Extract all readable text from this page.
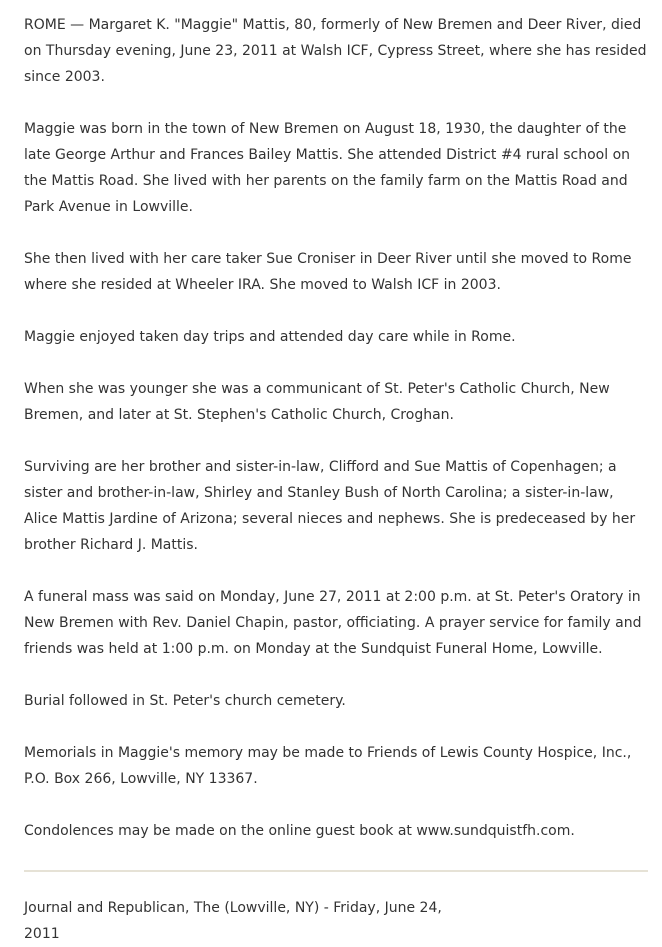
ROME — Margaret K. "Maggie" Mattis, 80, formerly of New Bremen and Deer River, died on Thursday evening, June 23, 2011 at Walsh ICF, Cypress Street, where she has resided since 2003.

Maggie was born in the town of New Bremen on August 18, 1930, the daughter of the late George Arthur and Frances Bailey Mattis. She attended District #4 rural school on the Mattis Road. She lived with her parents on the family farm on the Mattis Road and Park Avenue in Lowville.

She then lived with her care taker Sue Croniser in Deer River until she moved to Rome where she resided at Wheeler IRA. She moved to Walsh ICF in 2003.

Maggie enjoyed taken day trips and attended day care while in Rome.

When she was younger she was a communicant of St. Peter's Catholic Church, New Bremen, and later at St. Stephen's Catholic Church, Croghan.

Surviving are her brother and sister-in-law, Clifford and Sue Mattis of Copenhagen; a sister and brother-in-law, Shirley and Stanley Bush of North Carolina; a sister-in-law, Alice Mattis Jardine of Arizona; several nieces and nephews. She is predeceased by her brother Richard J. Mattis.

A funeral mass was said on Monday, June 27, 2011 at 2:00 p.m. at St. Peter's Oratory in New Bremen with Rev. Daniel Chapin, pastor, officiating. A prayer service for family and friends was held at 1:00 p.m. on Monday at the Sundquist Funeral Home, Lowville.

Burial followed in St. Peter's church cemetery.

Memorials in Maggie's memory may be made to Friends of Lewis County Hospice, Inc., P.O. Box 266, Lowville, NY 13367.

Condolences may be made on the online guest book at www.sundquistfh.com.

Journal and Republican, The (Lowville, NY) - Friday, June 24, 2011
